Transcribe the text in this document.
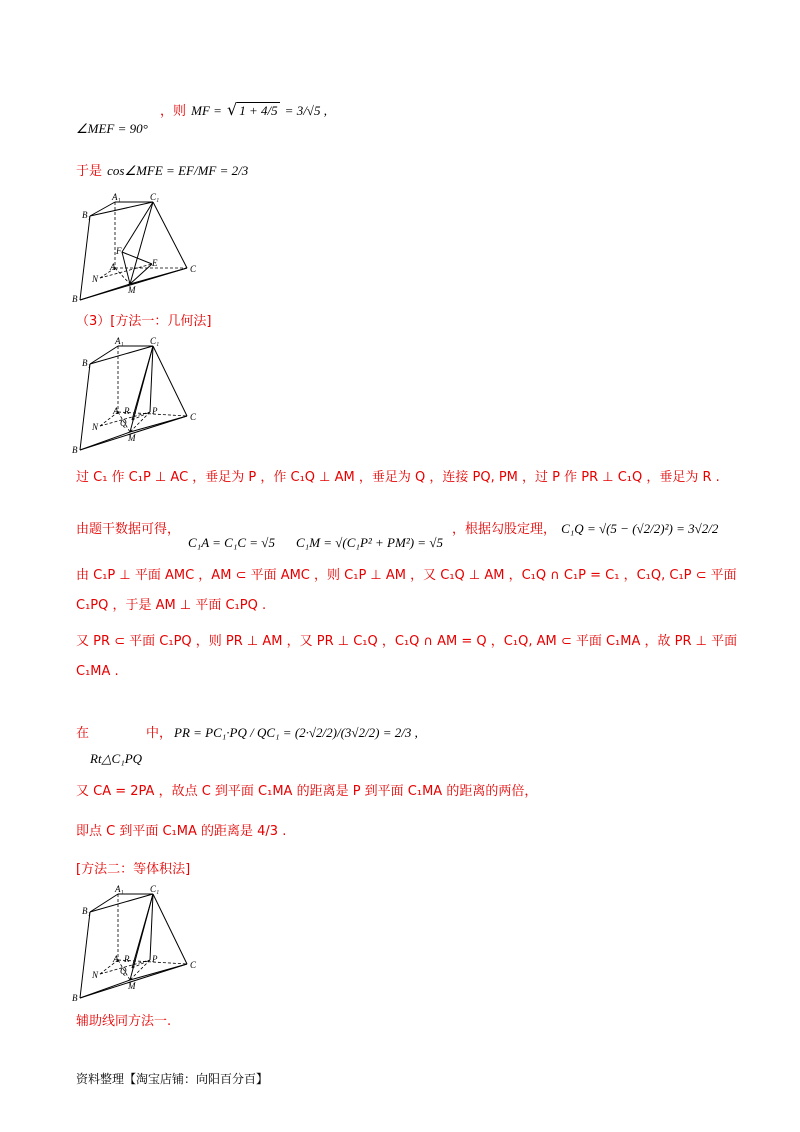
∠MEF = 90°
，则 MF = √ 1 + 4/5 = 3/√5 ,
于是 cos∠MFE = EF/MF = 2/3
A₁
B₁
C₁
F
A	E
C
N
M
B
（3）[方法一：几何法]
A₁
B₁
C₁
A R	P
C
N Q
M
B
过 C₁ 作 C₁P ⊥ AC ，垂足为 P ，作 C₁Q ⊥ AM ，垂足为 Q ，连接 PQ, PM ，过 P 作 PR ⊥ C₁Q ，垂足为 R .
由题干数据可得，
C₁A = C₁C = √5 C₁M = √(C₁P² + PM²) = √5
，根据勾股定理， C₁Q = √(5 − (√2/2)²) = 3√2/2
由 C₁P ⊥ 平面 AMC ，AM ⊂ 平面 AMC ，则 C₁P ⊥ AM ，又 C₁Q ⊥ AM ，C₁Q ∩ C₁P = C₁ ，C₁Q, C₁P ⊂ 平面
C₁PQ ，于是 AM ⊥ 平面 C₁PQ .
又 PR ⊂ 平面 C₁PQ ，则 PR ⊥ AM ，又 PR ⊥ C₁Q ，C₁Q ∩ AM = Q ，C₁Q, AM ⊂ 平面 C₁MA ，故 PR ⊥ 平面
C₁MA .
在	中， PR = PC₁·PQ / QC₁ = (2·√2/2)/(3√2/2) = 2/3 ,
Rt△C₁PQ
又 CA = 2PA ，故点 C 到平面 C₁MA 的距离是 P 到平面 C₁MA 的距离的两倍，
即点 C 到平面 C₁MA 的距离是 4/3 .
[方法二：等体积法]
A₁
B₁
C₁
A R	P
C
N Q
M
B
辅助线同方法一.
资料整理【淘宝店铺：向阳百分百】
